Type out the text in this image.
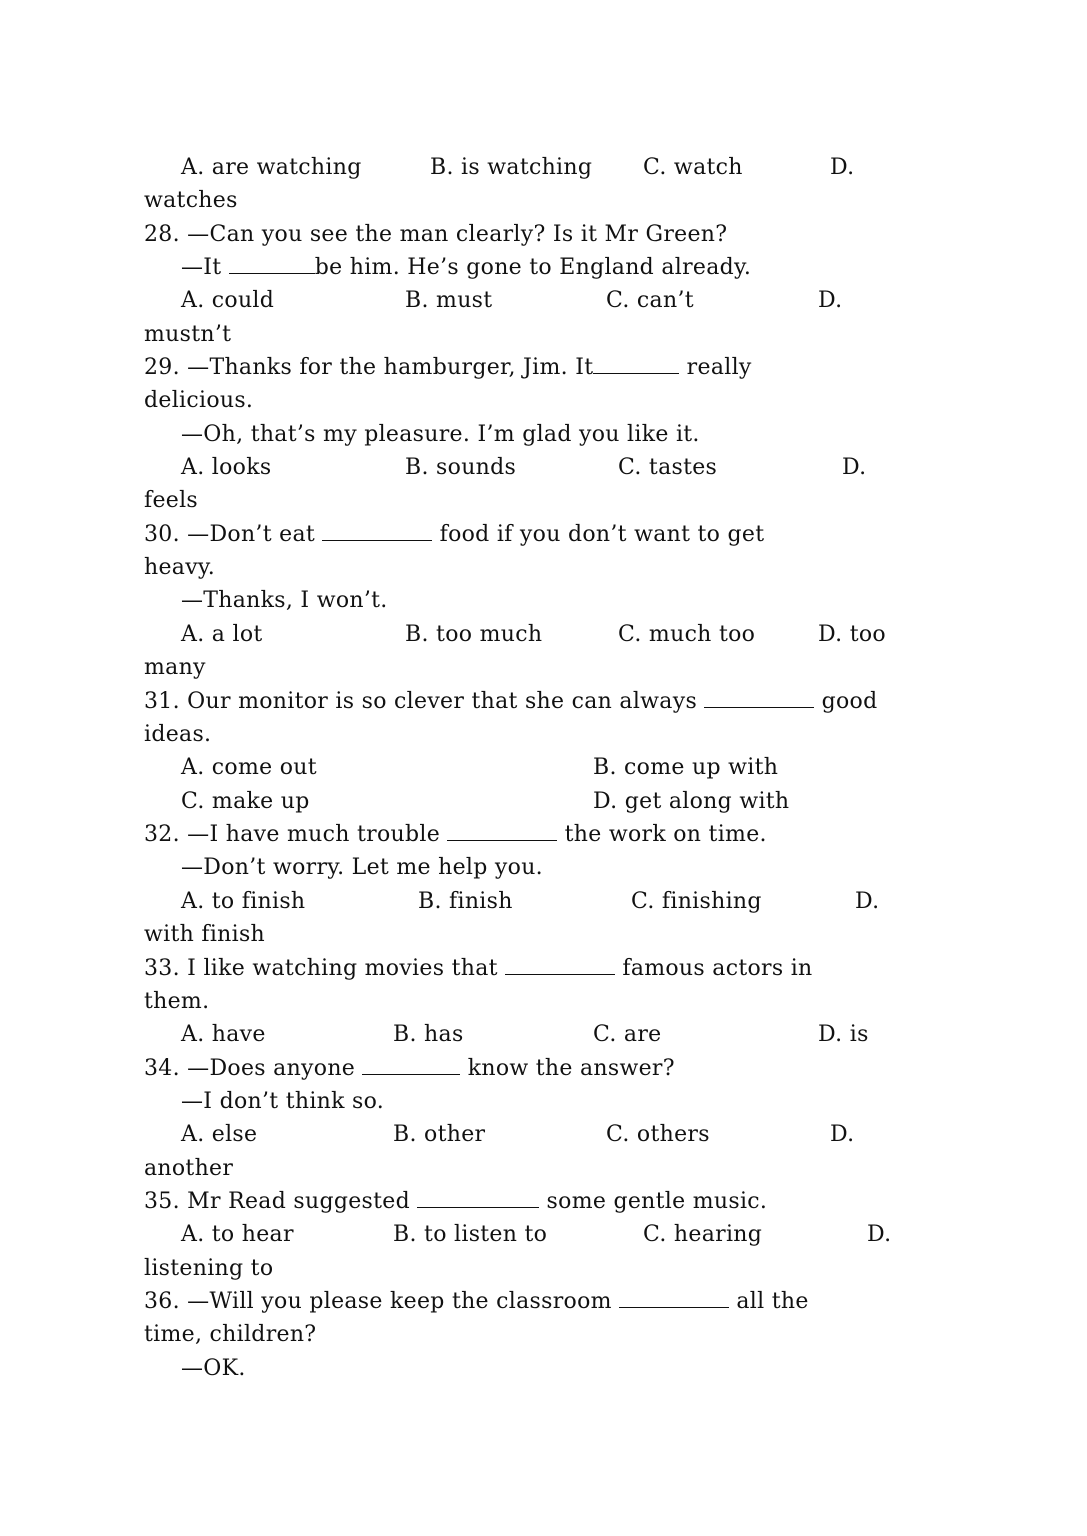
A. are watching	B. is watching C. watch	D.
watches
28. —Can you see the man clearly? Is it Mr Green?
—It	be him. He’s gone to England already.
A. could	B. must	C. can’t	D.
mustn’t
29. —Thanks for the hamburger, Jim. It	really
delicious.
—Oh, that’s my pleasure. I’m glad you like it.
A. looks	B. sounds	C. tastes	D.
feels
30. —Don’t eat	food if you don’t want to get
heavy.
—Thanks, I won’t.
A. a lot	B. too much	C. much too	D. too
many
31. Our monitor is so clever that she can always	good
ideas.
A. come out	B. come up with
C. make up	D. get along with
32. —I have much trouble	the work on time.
—Don’t worry. Let me help you.
A. to finish	B. finish	C. finishing	D.
with finish
33. I like watching movies that	famous actors in
them.
A. have	B. has	C. are	D. is
34. —Does anyone	know the answer?
—I don’t think so.
A. else	B. other	C. others	D.
another
35. Mr Read suggested	some gentle music.
A. to hear	B. to listen to	C. hearing	D.
listening to
36. —Will you please keep the classroom	all the
time, children?
—OK.
